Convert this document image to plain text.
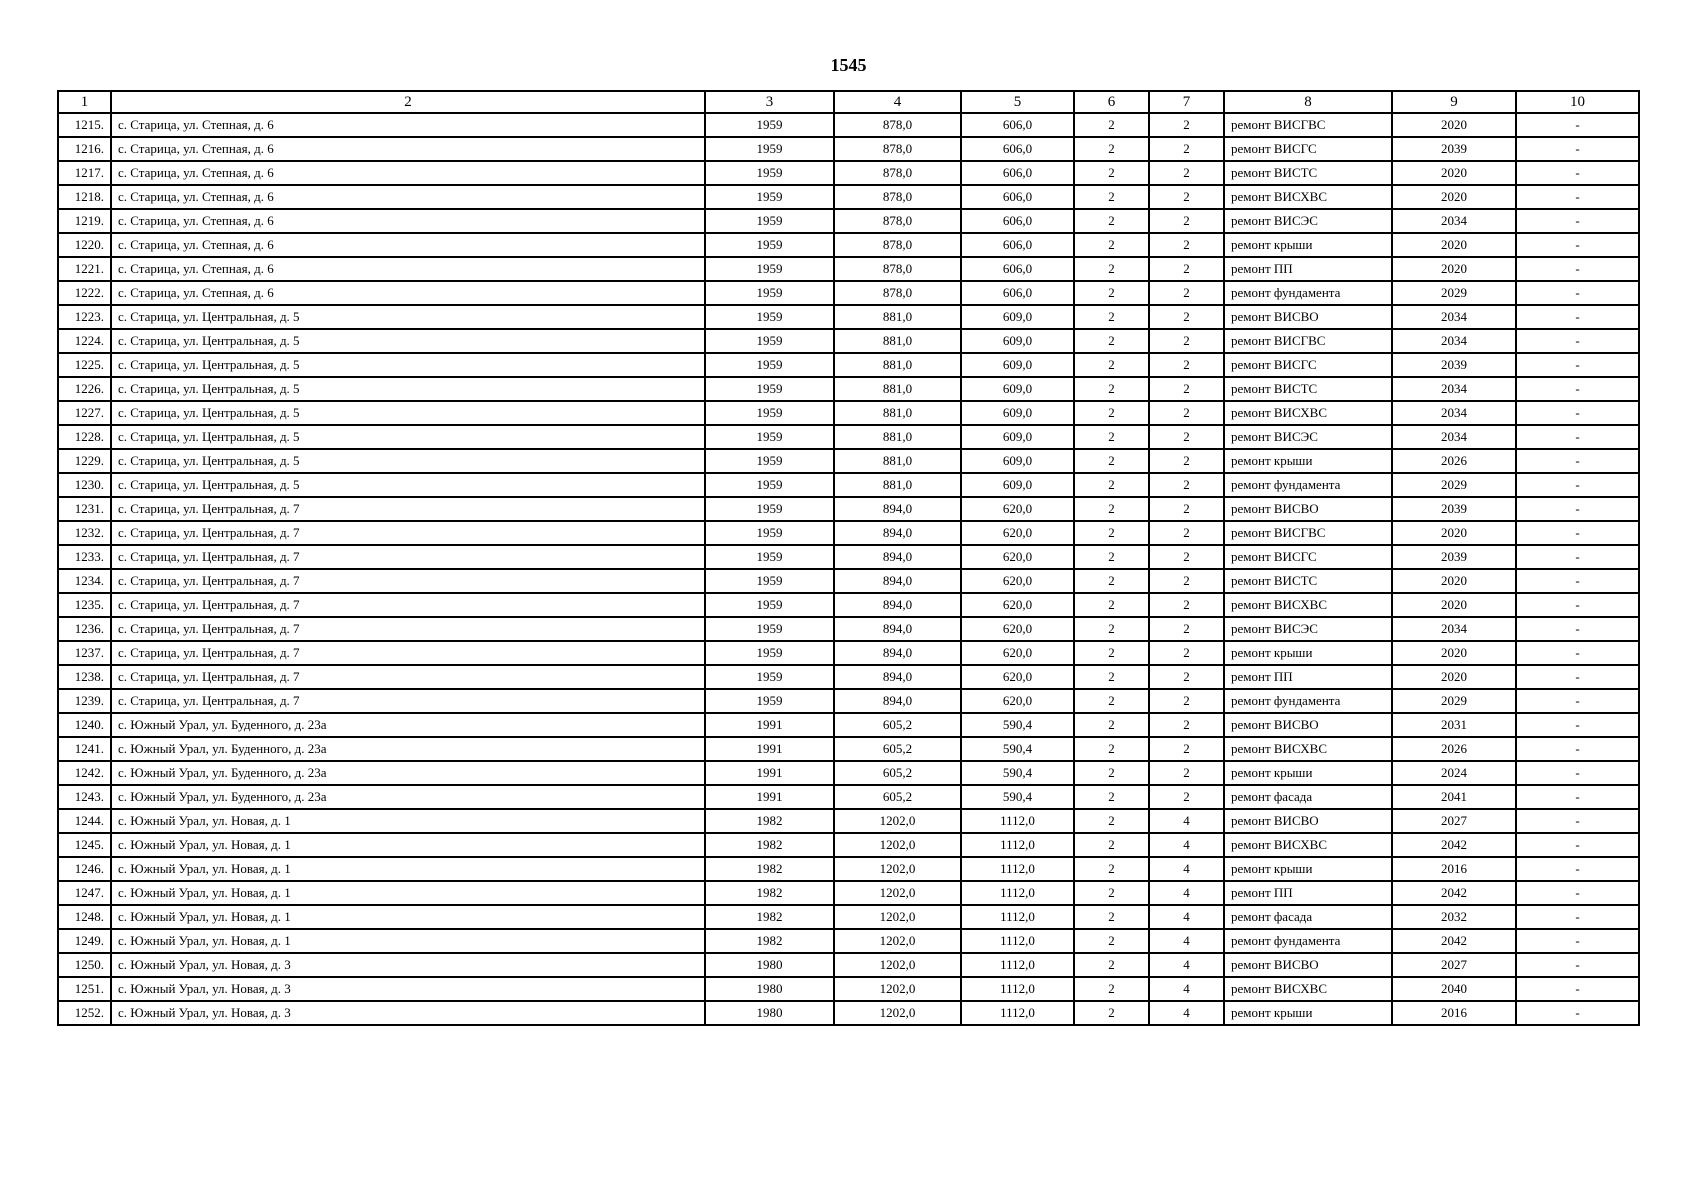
1545
1	2	3	4	5	6	7	8	9	10
1215.	с. Старица, ул. Степная, д. 6	1959	878,0	606,0	2	2	ремонт ВИСГВС	2020	-
1216.	с. Старица, ул. Степная, д. 6	1959	878,0	606,0	2	2	ремонт ВИСГС	2039	-
1217.	с. Старица, ул. Степная, д. 6	1959	878,0	606,0	2	2	ремонт ВИСТС	2020	-
1218.	с. Старица, ул. Степная, д. 6	1959	878,0	606,0	2	2	ремонт ВИСХВС	2020	-
1219.	с. Старица, ул. Степная, д. 6	1959	878,0	606,0	2	2	ремонт ВИСЭС	2034	-
1220.	с. Старица, ул. Степная, д. 6	1959	878,0	606,0	2	2	ремонт крыши	2020	-
1221.	с. Старица, ул. Степная, д. 6	1959	878,0	606,0	2	2	ремонт ПП	2020	-
1222.	с. Старица, ул. Степная, д. 6	1959	878,0	606,0	2	2	ремонт фундамента	2029	-
1223.	с. Старица, ул. Центральная, д. 5	1959	881,0	609,0	2	2	ремонт ВИСВО	2034	-
1224.	с. Старица, ул. Центральная, д. 5	1959	881,0	609,0	2	2	ремонт ВИСГВС	2034	-
1225.	с. Старица, ул. Центральная, д. 5	1959	881,0	609,0	2	2	ремонт ВИСГС	2039	-
1226.	с. Старица, ул. Центральная, д. 5	1959	881,0	609,0	2	2	ремонт ВИСТС	2034	-
1227.	с. Старица, ул. Центральная, д. 5	1959	881,0	609,0	2	2	ремонт ВИСХВС	2034	-
1228.	с. Старица, ул. Центральная, д. 5	1959	881,0	609,0	2	2	ремонт ВИСЭС	2034	-
1229.	с. Старица, ул. Центральная, д. 5	1959	881,0	609,0	2	2	ремонт крыши	2026	-
1230.	с. Старица, ул. Центральная, д. 5	1959	881,0	609,0	2	2	ремонт фундамента	2029	-
1231.	с. Старица, ул. Центральная, д. 7	1959	894,0	620,0	2	2	ремонт ВИСВО	2039	-
1232.	с. Старица, ул. Центральная, д. 7	1959	894,0	620,0	2	2	ремонт ВИСГВС	2020	-
1233.	с. Старица, ул. Центральная, д. 7	1959	894,0	620,0	2	2	ремонт ВИСГС	2039	-
1234.	с. Старица, ул. Центральная, д. 7	1959	894,0	620,0	2	2	ремонт ВИСТС	2020	-
1235.	с. Старица, ул. Центральная, д. 7	1959	894,0	620,0	2	2	ремонт ВИСХВС	2020	-
1236.	с. Старица, ул. Центральная, д. 7	1959	894,0	620,0	2	2	ремонт ВИСЭС	2034	-
1237.	с. Старица, ул. Центральная, д. 7	1959	894,0	620,0	2	2	ремонт крыши	2020	-
1238.	с. Старица, ул. Центральная, д. 7	1959	894,0	620,0	2	2	ремонт ПП	2020	-
1239.	с. Старица, ул. Центральная, д. 7	1959	894,0	620,0	2	2	ремонт фундамента	2029	-
1240.	с. Южный Урал, ул. Буденного, д. 23а	1991	605,2	590,4	2	2	ремонт ВИСВО	2031	-
1241.	с. Южный Урал, ул. Буденного, д. 23а	1991	605,2	590,4	2	2	ремонт ВИСХВС	2026	-
1242.	с. Южный Урал, ул. Буденного, д. 23а	1991	605,2	590,4	2	2	ремонт крыши	2024	-
1243.	с. Южный Урал, ул. Буденного, д. 23а	1991	605,2	590,4	2	2	ремонт фасада	2041	-
1244.	с. Южный Урал, ул. Новая, д. 1	1982	1202,0	1112,0	2	4	ремонт ВИСВО	2027	-
1245.	с. Южный Урал, ул. Новая, д. 1	1982	1202,0	1112,0	2	4	ремонт ВИСХВС	2042	-
1246.	с. Южный Урал, ул. Новая, д. 1	1982	1202,0	1112,0	2	4	ремонт крыши	2016	-
1247.	с. Южный Урал, ул. Новая, д. 1	1982	1202,0	1112,0	2	4	ремонт ПП	2042	-
1248.	с. Южный Урал, ул. Новая, д. 1	1982	1202,0	1112,0	2	4	ремонт фасада	2032	-
1249.	с. Южный Урал, ул. Новая, д. 1	1982	1202,0	1112,0	2	4	ремонт фундамента	2042	-
1250.	с. Южный Урал, ул. Новая, д. 3	1980	1202,0	1112,0	2	4	ремонт ВИСВО	2027	-
1251.	с. Южный Урал, ул. Новая, д. 3	1980	1202,0	1112,0	2	4	ремонт ВИСХВС	2040	-
1252.	с. Южный Урал, ул. Новая, д. 3	1980	1202,0	1112,0	2	4	ремонт крыши	2016	-
